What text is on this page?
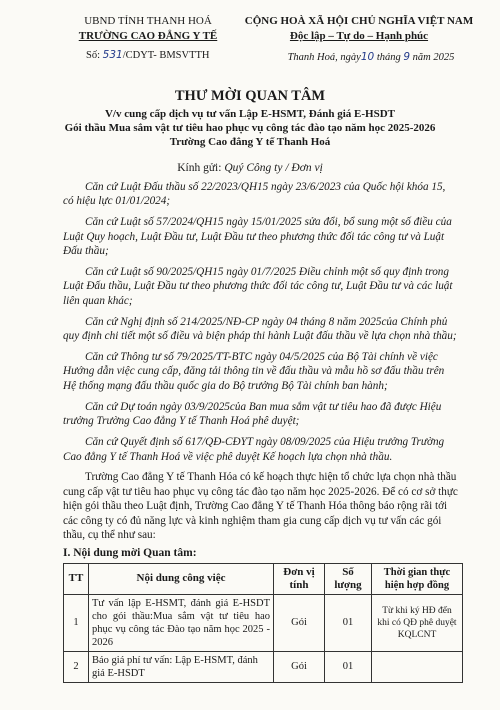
UBND TỈNH THANH HOÁ
TRƯỜNG CAO ĐẲNG Y TẾ
Số: 531/CDYT- BMSVTTH
CỘNG HOÀ XÃ HỘI CHỦ NGHĨA VIỆT NAM
Độc lập – Tự do – Hạnh phúc
Thanh Hoá, ngày10 tháng 9 năm 2025
THƯ MỜI QUAN TÂM
V/v cung cấp dịch vụ tư vấn Lập E-HSMT, Đánh giá E-HSDT
Gói thầu Mua sắm vật tư tiêu hao phục vụ công tác đào tạo năm học 2025-2026
Trường Cao đẳng Y tế Thanh Hoá
Kính gửi: Quý Công ty / Đơn vị

Căn cứ Luật Đấu thầu số 22/2023/QH15 ngày 23/6/2023 của Quốc hội khóa 15, có hiệu lực 01/01/2024;

Căn cứ Luật số 57/2024/QH15 ngày 15/01/2025 sửa đổi, bổ sung một số điều của Luật Quy hoạch, Luật Đầu tư, Luật Đầu tư theo phương thức đối tác công tư và Luật Đấu thầu;

Căn cứ Luật số 90/2025/QH15 ngày 01/7/2025 Điều chỉnh một số quy định trong Luật Đấu thầu, Luật Đầu tư theo phương thức đối tác công tư, Luật Đầu tư và các luật liên quan khác;

Căn cứ Nghị định số 214/2025/NĐ-CP ngày 04 tháng 8 năm 2025của Chính phủ quy định chi tiết một số điều và biện pháp thi hành Luật đấu thầu về lựa chọn nhà thầu;

Căn cứ Thông tư số 79/2025/TT-BTC ngày 04/5/2025 của Bộ Tài chính về việc Hướng dẫn việc cung cấp, đăng tải thông tin về đấu thầu và mẫu hồ sơ đấu thầu trên Hệ thống mạng đấu thầu quốc gia do Bộ trưởng Bộ Tài chính ban hành;

Căn cứ Dự toán ngày 03/9/2025của Ban mua sắm vật tư tiêu hao đã được Hiệu trưởng Trường Cao đẳng Y tế Thanh Hoá phê duyệt;

Căn cứ Quyết định số 617/QĐ-CĐYT ngày 08/09/2025 của Hiệu trưởng Trường Cao đẳng Y tế Thanh Hoá về việc phê duyệt Kế hoạch lựa chọn nhà thầu.

Trường Cao đẳng Y tế Thanh Hóa có kế hoạch thực hiện tổ chức lựa chọn nhà thầu cung cấp vật tư tiêu hao phục vụ công tác đào tạo năm học 2025-2026. Để có cơ sở thực hiện gói thầu theo Luật định, Trường Cao đẳng Y tế Thanh Hóa thông báo rộng rãi tới các công ty có đủ năng lực và kinh nghiệm tham gia cung cấp dịch vụ tư vấn các gói thầu, cụ thể như sau:

I. Nội dung mời Quan tâm:
TT	Nội dung công việc	Đơn vị tính	Số lượng	Thời gian thực hiện hợp đồng
1	Tư vấn lập E-HSMT, đánh giá E-HSDT cho gói thầu:Mua sắm vật tư tiêu hao phục vụ công tác Đào tạo năm học 2025 - 2026	Gói	01	Từ khi ký HĐ đến khi có QĐ phê duyệt KQLCNT
2	Báo giá phí tư vấn: Lập E-HSMT, đánh giá E-HSDT	Gói	01	
